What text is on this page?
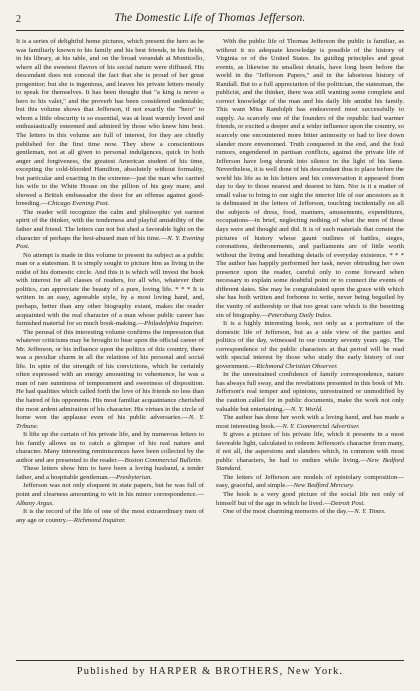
2	The Domestic Life of Thomas Jefferson.

It is a series of delightful home pictures, which present the hero as he was familiarly known to his family and his best friends, in his fields, in his library, at his table, and on the broad verandah at Monticello, where all the sweetest flavors of his social nature were diffused. His descendant does not conceal the fact that she is proud of her great progenitor; but she is ingenious, and leaves his private letters mostly to speak for themselves. It has been thought that "a king is never a hero to his valet," and the proverb has been considered undeniable; but this volume shows that Jefferson, if not exactly the "hero" to whom a little obscurity is so essential, was at least warmly loved and enthusiastically esteemed and admired by those who knew him best. The letters in this volume are full of interest, for they are chiefly published for the first time now. They show a conscientious gentleman, not at all given to personal indulgences, quick in both anger and forgiveness, the greatest American student of his time, excepting the cold-blooded Hamilton, absolutely without formality, but particular and exacting in the extreme—just the man who carried his wife to the White House on the pillion of his gray mare, and showed a British embassador the door for an offense against good-breeding.—Chicago Evening Post.

The reader will recognize the calm and philosophic yet earnest spirit of the thinker, with the tenderness and playful amiability of the father and friend. The letters can not but shed a favorable light on the character of perhaps the best-abused man of his time.—N. Y. Evening Post.

No attempt is made in this volume to present its subject as a public man or a statesman. It is simply sought to picture him as living in the midst of his domestic circle. And this it is which will invest the book with interest for all classes of readers, for all who, whatever their politics, can appreciate the beauty of a pure, loving life. * * * It is written in an easy, agreeable style, by a most loving hand, and, perhaps, better than any other biography extant, makes the reader acquainted with the real character of a man whose public career has furnished material for so much book-making.—Philadelphia Inquirer.

The perusal of this interesting volume confirms the impression that whatever criticisms may be brought to bear upon the official career of Mr. Jefferson, or his influence upon the politics of this country, there was a peculiar charm in all the relations of his personal and social life. In spite of the strength of his convictions, which he certainly often expressed with an energy amounting to vehemence, he was a man of rare sunniness of temperament and sweetness of disposition. He had qualities which called forth the love of his friends no less than the hatred of his opponents. His most familiar acquaintance cherished the most ardent admiration of his character. His virtues in the circle of home won the applause even of his public adversaries.—N. Y. Tribune.

It lifts up the curtain of his private life, and by numerous letters to his family allows us to catch a glimpse of his real nature and character. Many interesting reminiscences have been collected by the author and are presented to the reader.—Boston Commercial Bulletin.

These letters show him to have been a loving husband, a tender father, and a hospitable gentleman.—Presbyterian.

Jefferson was not only eloquent in state papers, but he was full of point and clearness amounting to wit in his minor correspondence.—Albany Argus.

It is the record of the life of one of the most extraordinary men of any age or country.—Richmond Inquirer.

With the public life of Thomas Jefferson the public is familiar, as without it no adequate knowledge is possible of the history of Virginia or of the United States. Its guiding principles and great events, as likewise its smallest details, have long been before the world in the "Jefferson Papers," and in the laborious history of Randall. But to a full appreciation of the politician, the statesman, the publicist, and the thinker, there was still wanting some complete and correct knowledge of the man and his daily life amidst his family. This want Miss Randolph has endeavored most successfully to supply. As scarcely one of the founders of the republic had warmer friends, or excited a deeper and a wider influence upon the country, so scarcely one encountered more bitter animosity or had to live down slander more envenomed. Truth conquered in the end, and the foul rumors, engendered in partisan conflicts, against the private life of Jefferson have long shrunk into silence in the light of his fame. Nevertheless, it is well done of his descendant thus to place before the world his life as in his letters and his conversation it appeared from day to day to those nearest and dearest to him. Nor is it a matter of small value to bring to our sight the interior life of our ancestors as it is delineated in the letters of Jefferson, touching incidentally on all the subjects of dress, food, manners, amusements, expenditures, occupations—in brief, neglecting nothing of what the men of those days were and thought and did. It is of such materials that consist the pictures of history whose gaunt outlines of battles, sieges, coronations, dethronements, and parliaments are of little worth without the living and breathing details of everyday existence. * * * The author has happily performed her task, never obtruding her own presence upon the reader, careful only to come forward when necessary to explain some doubtful point or to connect the events of different dates. She may be congratulated upon the grace with which she has both written and forborne to write, never being beguiled by the vanity of authorship or that too great care which is the besetting sin of biography.—Petersburg Daily Index.

It is a highly interesting book, not only as a portraiture of the domestic life of Jefferson, but as a side view of the parties and politics of the day, witnessed in our country seventy years ago. The correspondence of the public characters at that period will be read with special interest by those who study the early history of our government.—Richmond Christian Observer.

In the unrestrained confidence of family correspondence, nature has always full sway, and the revelations presented in this book of Mr. Jefferson's real temper and opinions, unrestrained or unmodified by the caution called for in public documents, make the work not only valuable but entertaining.—N. Y. World.

The author has done her work with a loving hand, and has made a most interesting book.—N. Y. Commercial Advertiser.

It gives a picture of his private life, which it presents in a most favorable light, calculated to redeem Jefferson's character from many, if not all, the aspersions and slanders which, in common with most public characters, he had to endure while living.—New Bedford Standard.

The letters of Jefferson are models of epistolary composition—easy, graceful, and simple.—New Bedford Mercury.

The book is a very good picture of the social life not only of himself but of the age in which he lived.—Detroit Post.

One of the most charming memoirs of the day.—N. Y. Times.

Published by HARPER & BROTHERS, New York.
